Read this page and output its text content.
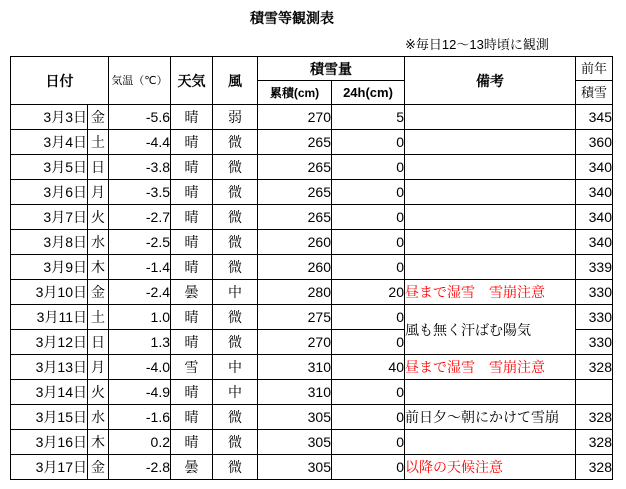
積雪等観測表
※毎日12～13時頃に観測
日付		気温（℃）	天気	風	積雪量		備考	前年
					累積(cm)	24h(cm)		積雪
3月3日	金	-5.6	晴	弱	270	5		345
3月4日	土	-4.4	晴	微	265	0		360
3月5日	日	-3.8	晴	微	265	0		340
3月6日	月	-3.5	晴	微	265	0		340
3月7日	火	-2.7	晴	微	265	0		340
3月8日	水	-2.5	晴	微	260	0		340
3月9日	木	-1.4	晴	微	260	0		339
3月10日	金	-2.4	曇	中	280	20	昼まで湿雪　雪崩注意	330
3月11日	土	1.0	晴	微	275	0	風も無く汗ばむ陽気	330
3月12日	日	1.3	晴	微	270	0		330
3月13日	月	-4.0	雪	中	310	40	昼まで湿雪　雪崩注意	328
3月14日	火	-4.9	晴	中	310	0		
3月15日	水	-1.6	晴	微	305	0	前日夕～朝にかけて雪崩	328
3月16日	木	0.2	晴	微	305	0		328
3月17日	金	-2.8	曇	微	305	0	以降の天候注意	328
